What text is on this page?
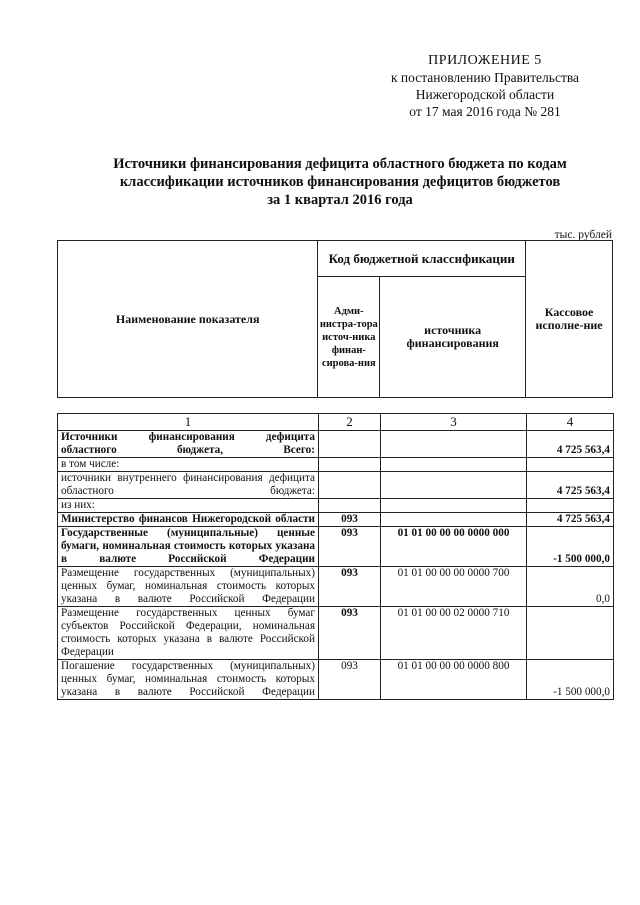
ПРИЛОЖЕНИЕ 5
к постановлению Правительства
Нижегородской области
от 17 мая 2016 года № 281
Источники финансирования дефицита областного бюджета по кодам
классификации источников финансирования дефицитов бюджетов
за 1 квартал 2016 года
тыс. рублей
Наименование показателя	Код бюджетной классификации		Кассовое исполне-ние
	Адми-нистра-тора источ-ника финан-сирова-ния	источника финансирования	
1	2	3	4
Источники финансирования дефицита областного бюджета, Всего:			4 725 563,4
в том числе:			
источники внутреннего финансирования дефицита областного бюджета:			4 725 563,4
из них:			
Министерство финансов Нижегородской области	093		4 725 563,4
Государственные (муниципальные) ценные бумаги, номинальная стоимость которых указана в валюте Российской Федерации	093	01 01 00 00 00 0000 000	-1 500 000,0
Размещение государственных (муниципальных) ценных бумаг, номинальная стоимость которых указана в валюте Российской Федерации	093	01 01 00 00 00 0000 700	0,0
Размещение государственных ценных бумаг субъектов Российской Федерации, номинальная стоимость которых указана в валюте Российской Федерации	093	01 01 00 00 02 0000 710	
Погашение государственных (муниципальных) ценных бумаг, номинальная стоимость которых указана в валюте Российской Федерации	093	01 01 00 00 00 0000 800	-1 500 000,0
